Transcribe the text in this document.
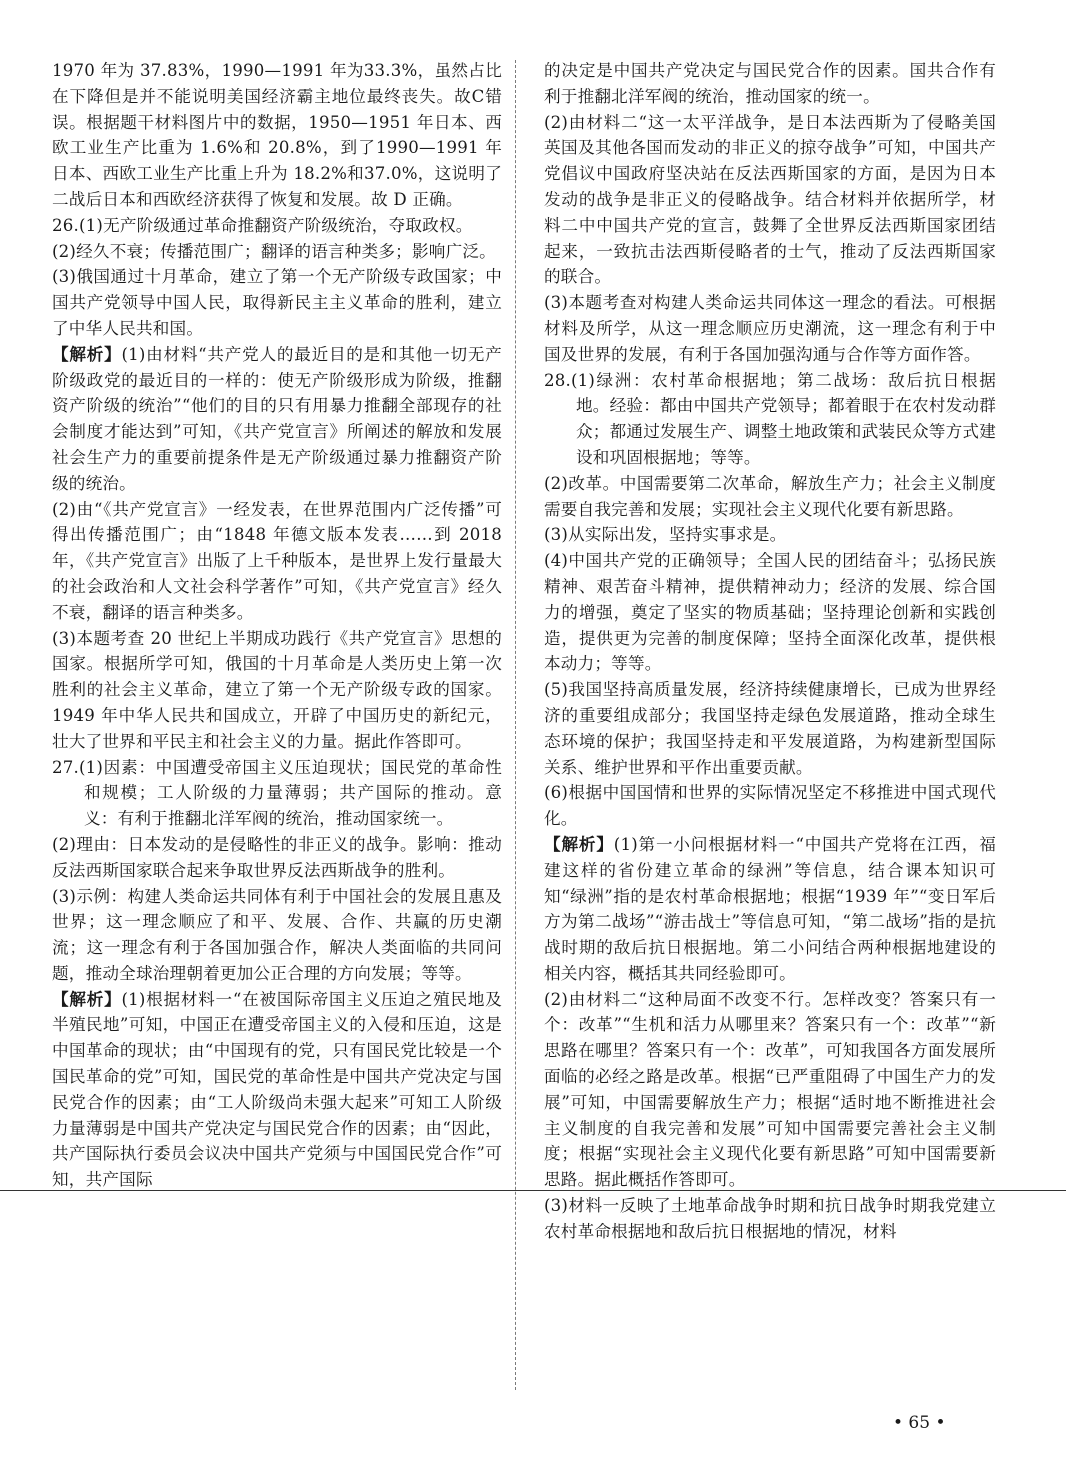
1970 年为 37.83%，1990—1991 年为33.3%，虽然占比在下降但是并不能说明美国经济霸主地位最终丧失。故C错误。根据题干材料图片中的数据，1950—1951 年日本、西欧工业生产比重为 1.6%和 20.8%，到了1990—1991 年日本、西欧工业生产比重上升为 18.2%和37.0%，这说明了二战后日本和西欧经济获得了恢复和发展。故 D 正确。

26.(1)无产阶级通过革命推翻资产阶级统治，夺取政权。

(2)经久不衰；传播范围广；翻译的语言种类多；影响广泛。

(3)俄国通过十月革命，建立了第一个无产阶级专政国家；中国共产党领导中国人民，取得新民主主义革命的胜利，建立了中华人民共和国。

【解析】(1)由材料“共产党人的最近目的是和其他一切无产阶级政党的最近目的一样的：使无产阶级形成为阶级，推翻资产阶级的统治”“他们的目的只有用暴力推翻全部现存的社会制度才能达到”可知，《共产党宣言》所阐述的解放和发展社会生产力的重要前提条件是无产阶级通过暴力推翻资产阶级的统治。

(2)由“《共产党宣言》一经发表，在世界范围内广泛传播”可得出传播范围广；由“1848 年德文版本发表……到 2018 年，《共产党宣言》出版了上千种版本，是世界上发行量最大的社会政治和人文社会科学著作”可知，《共产党宣言》经久不衰，翻译的语言种类多。

(3)本题考查 20 世纪上半期成功践行《共产党宣言》思想的国家。根据所学可知，俄国的十月革命是人类历史上第一次胜利的社会主义革命，建立了第一个无产阶级专政的国家。1949 年中华人民共和国成立，开辟了中国历史的新纪元，壮大了世界和平民主和社会主义的力量。据此作答即可。

27.(1)因素：中国遭受帝国主义压迫现状；国民党的革命性和规模；工人阶级的力量薄弱；共产国际的推动。意义：有利于推翻北洋军阀的统治，推动国家统一。

(2)理由：日本发动的是侵略性的非正义的战争。影响：推动反法西斯国家联合起来争取世界反法西斯战争的胜利。

(3)示例：构建人类命运共同体有利于中国社会的发展且惠及世界；这一理念顺应了和平、发展、合作、共赢的历史潮流；这一理念有利于各国加强合作，解决人类面临的共同问题，推动全球治理朝着更加公正合理的方向发展；等等。

【解析】(1)根据材料一“在被国际帝国主义压迫之殖民地及半殖民地”可知，中国正在遭受帝国主义的入侵和压迫，这是中国革命的现状；由“中国现有的党，只有国民党比较是一个国民革命的党”可知，国民党的革命性是中国共产党决定与国民党合作的因素；由“工人阶级尚未强大起来”可知工人阶级力量薄弱是中国共产党决定与国民党合作的因素；由“因此，共产国际执行委员会议决中国共产党须与中国国民党合作”可知，共产国际

的决定是中国共产党决定与国民党合作的因素。国共合作有利于推翻北洋军阀的统治，推动国家的统一。

(2)由材料二“这一太平洋战争，是日本法西斯为了侵略美国英国及其他各国而发动的非正义的掠夺战争”可知，中国共产党倡议中国政府坚决站在反法西斯国家的方面，是因为日本发动的战争是非正义的侵略战争。结合材料并依据所学，材料二中中国共产党的宣言，鼓舞了全世界反法西斯国家团结起来，一致抗击法西斯侵略者的士气，推动了反法西斯国家的联合。

(3)本题考查对构建人类命运共同体这一理念的看法。可根据材料及所学，从这一理念顺应历史潮流，这一理念有利于中国及世界的发展，有利于各国加强沟通与合作等方面作答。

28.(1)绿洲：农村革命根据地；第二战场：敌后抗日根据地。经验：都由中国共产党领导；都着眼于在农村发动群众；都通过发展生产、调整土地政策和武装民众等方式建设和巩固根据地；等等。

(2)改革。中国需要第二次革命，解放生产力；社会主义制度需要自我完善和发展；实现社会主义现代化要有新思路。

(3)从实际出发，坚持实事求是。

(4)中国共产党的正确领导；全国人民的团结奋斗；弘扬民族精神、艰苦奋斗精神，提供精神动力；经济的发展、综合国力的增强，奠定了坚实的物质基础；坚持理论创新和实践创造，提供更为完善的制度保障；坚持全面深化改革，提供根本动力；等等。

(5)我国坚持高质量发展，经济持续健康增长，已成为世界经济的重要组成部分；我国坚持走绿色发展道路，推动全球生态环境的保护；我国坚持走和平发展道路，为构建新型国际关系、维护世界和平作出重要贡献。

(6)根据中国国情和世界的实际情况坚定不移推进中国式现代化。

【解析】(1)第一小问根据材料一“中国共产党将在江西，福建这样的省份建立革命的绿洲”等信息，结合课本知识可知“绿洲”指的是农村革命根据地；根据“1939 年”“变日军后方为第二战场”“游击战士”等信息可知，“第二战场”指的是抗战时期的敌后抗日根据地。第二小问结合两种根据地建设的相关内容，概括其共同经验即可。

(2)由材料二“这种局面不改变不行。怎样改变？答案只有一个：改革”“生机和活力从哪里来？答案只有一个：改革”“新思路在哪里？答案只有一个：改革”，可知我国各方面发展所面临的必经之路是改革。根据“已严重阻碍了中国生产力的发展”可知，中国需要解放生产力；根据“适时地不断推进社会主义制度的自我完善和发展”可知中国需要完善社会主义制度；根据“实现社会主义现代化要有新思路”可知中国需要新思路。据此概括作答即可。

(3)材料一反映了土地革命战争时期和抗日战争时期我党建立农村革命根据地和敌后抗日根据地的情况，材料

• 65 •
